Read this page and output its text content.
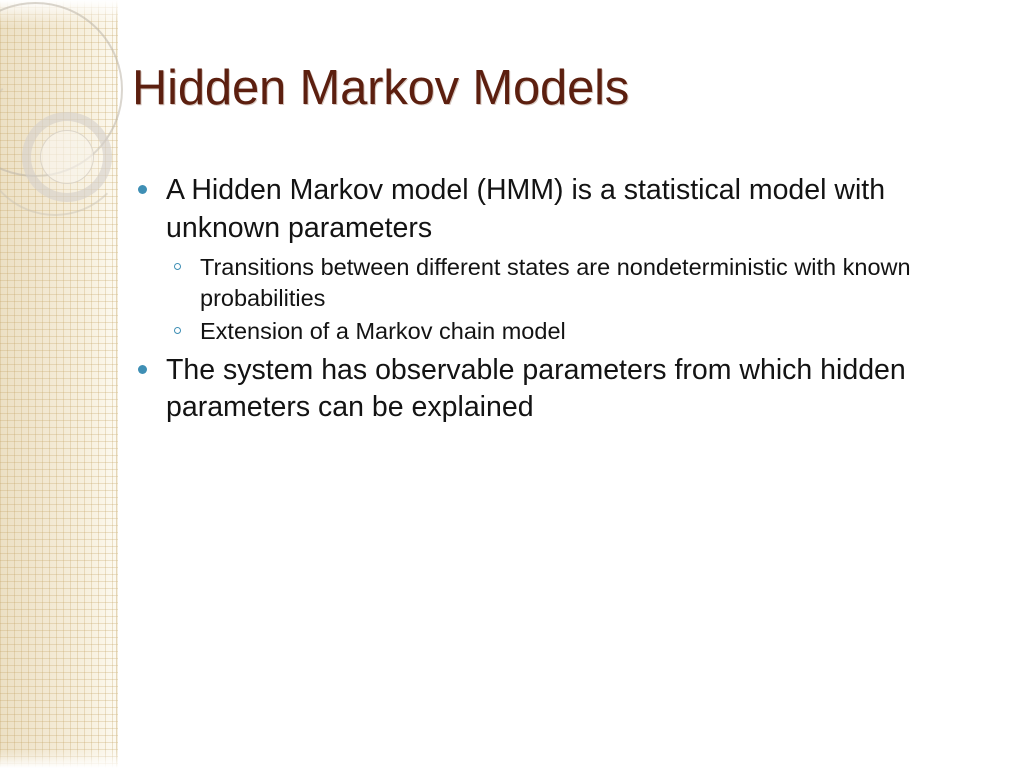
Hidden Markov Models
A Hidden Markov model (HMM) is a statistical model with unknown parameters
Transitions between different states are nondeterministic with known probabilities
Extension of a Markov chain model
The system has observable parameters from which hidden parameters can be explained
